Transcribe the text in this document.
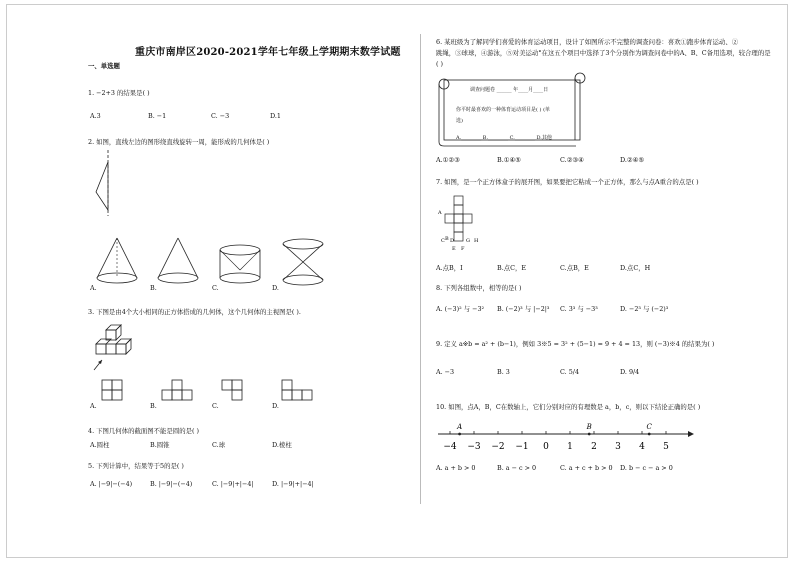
重庆市南岸区2020-2021学年七年级上学期期末数学试题
一、单选题
1. −2+3 的结果是( )
A.3	B. −1	C. −3	D.1
2. 如图，直线左边的图形绕直线旋转一周，能形成的几何体是( )
A.	B.	C.	D.
3. 下图是由4个大小相同的正方体搭成的几何体，这个几何体的主视图是( ).
A.	B.	C.	D.
4. 下图几何体的截面图不能是圆的是( )
A.圆柱	B.圆锥	C.球	D.棱柱
5. 下列计算中，结果等于5的是( )
A. |−9|−(−4)	B. |−9|−(−4)	C. |−9|+|−4|	D. |−9|+|−4|
6. 某班级为了解同学们喜爱的体育运动项目，设计了如图所示不完整的调查问卷：喜欢①跑步体育运动、②
跳绳，③球球，④游泳，⑤对美运动°在这五个项目中选择了3个分别作为调查问卷中的A、B、C备用选项，较合理的是
( )
调查问题卷 ______ 年____月____日
你平时最喜欢的一种体育运动项目是( ) (单
选)
A.________ B.________ C.________ D.其他
A.①②③	B.①④⑤	C.②③④	D.②④⑤
7. 如图，是一个正方体盒子的展开图，如果要把它粘成一个正方体，那么与点A重合的点是( )
A
B
C D
E F
G H
A.点B，I	B.点C，E	C.点B，E	D.点C，H
8. 下列各组数中，相等的是( )
A. (−3)² 与 −3² B. (−2)³ 与 |−2|³ C. 3³ 与 −3³	D. −2³ 与 (−2)³
9. 定义 a※b = a² + (b−1)，例如 3※5 = 3² + (5−1) = 9 + 4 = 13，则 (−3)※4 的结果为( )
A. −3	B. 3	C. 5/4	D. 9/4
10. 如图，点A，B，C在数轴上，它们分别对应的有理数是 a，b，c，则以下结论正确的是( )
−4 −3 −2 −1 0 1 2 3 4 5
A	B	C
A. a + b > 0	B. a − c > 0	C. a + c + b > 0 D. b − c − a > 0
